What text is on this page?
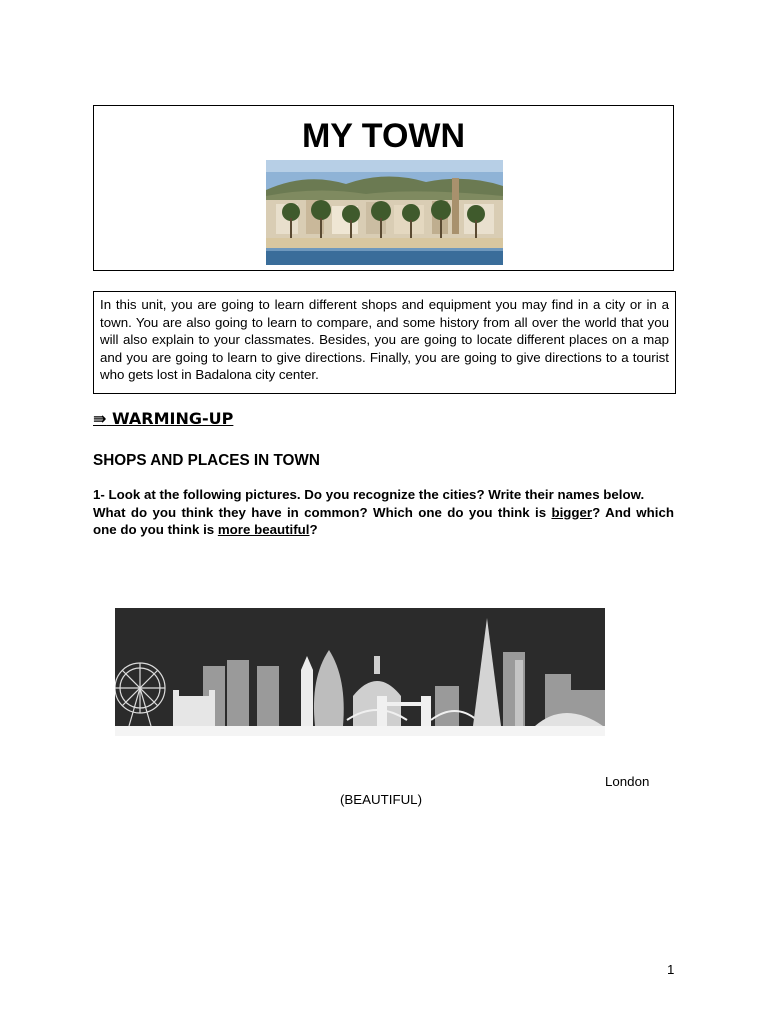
MY TOWN
In this unit, you are going to learn different shops and equipment you may find in a city or in a town. You are also going to learn to compare, and some history from all over the world that you will also explain to your classmates. Besides, you are going to locate different places on a map and you are going to learn to give directions. Finally, you are going to give directions to a tourist who gets lost in Badalona city center.
⇛ WARMING-UP
SHOPS AND PLACES IN TOWN

1- Look at the following pictures. Do you recognize the cities? Write their names below.

What do you think they have in common? Which one do you think is bigger? And which one do you think is more beautiful?

London
(BEAUTIFUL)
1
